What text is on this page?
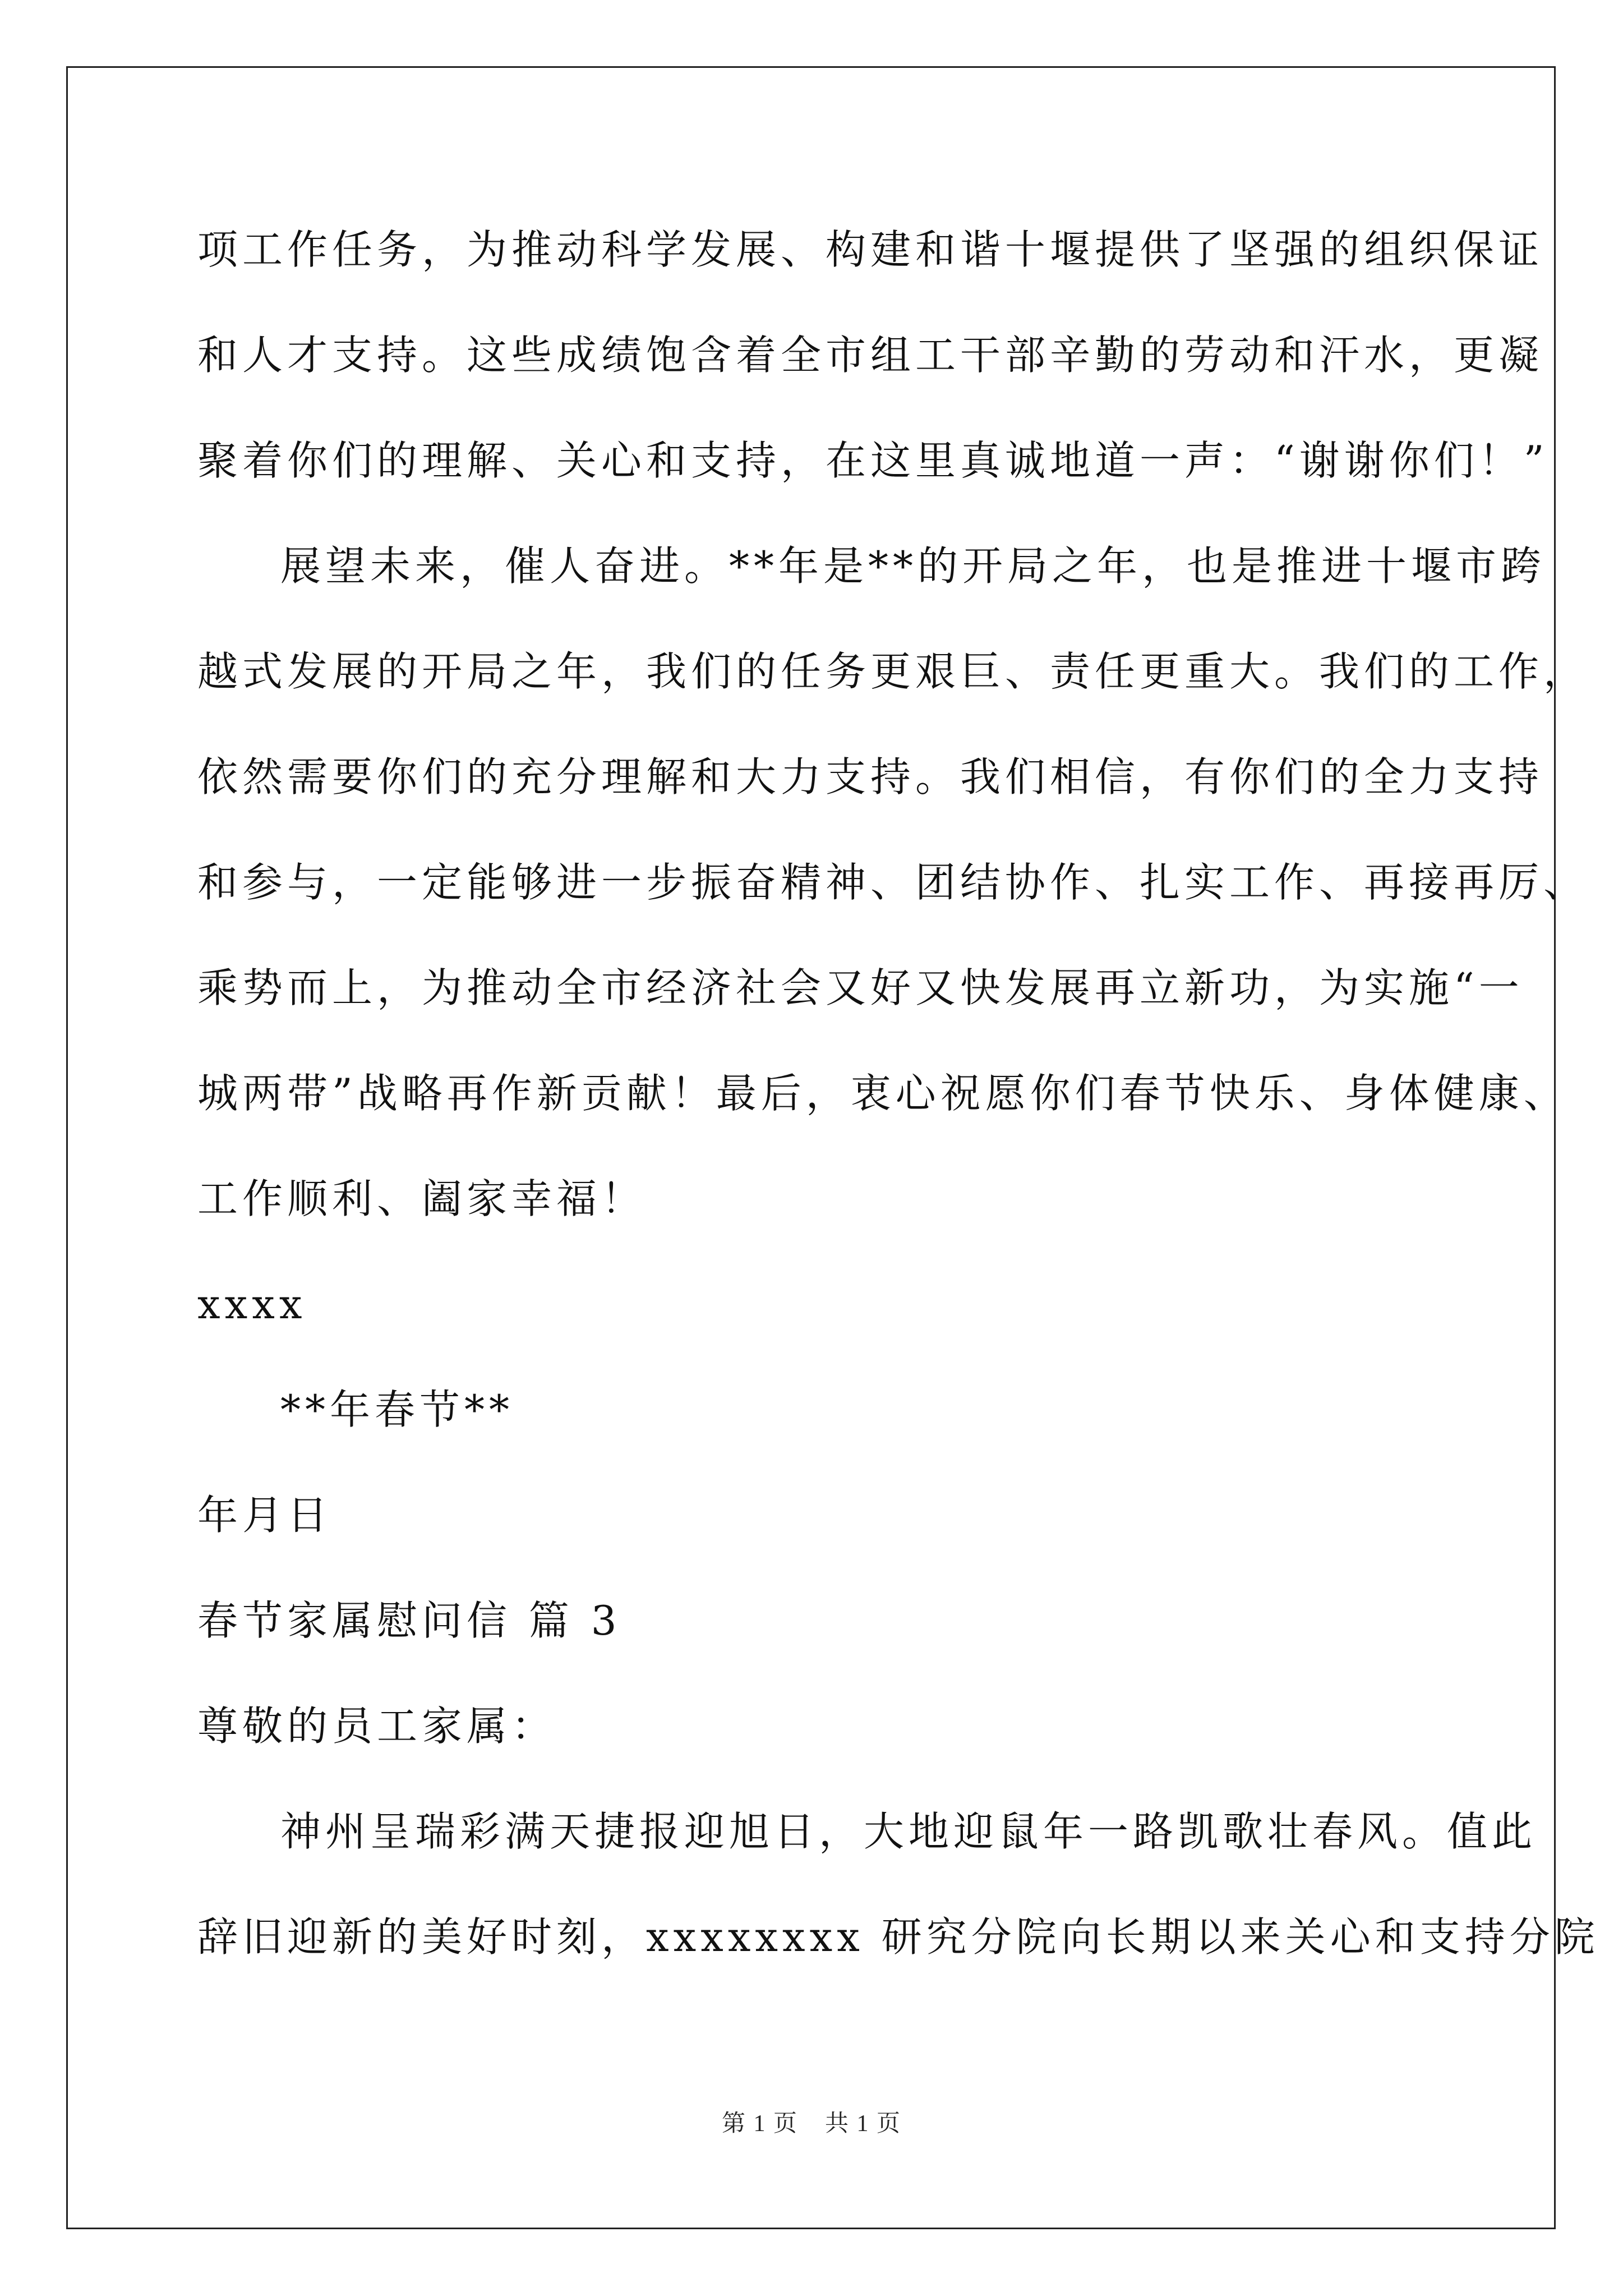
项工作任务，为推动科学发展、构建和谐十堰提供了坚强的组织保证
和人才支持。这些成绩饱含着全市组工干部辛勤的劳动和汗水，更凝
聚着你们的理解、关心和支持，在这里真诚地道一声：“谢谢你们！”
展望未来，催人奋进。**年是**的开局之年，也是推进十堰市跨
越式发展的开局之年，我们的任务更艰巨、责任更重大。我们的工作，
依然需要你们的充分理解和大力支持。我们相信，有你们的全力支持
和参与，一定能够进一步振奋精神、团结协作、扎实工作、再接再厉、
乘势而上，为推动全市经济社会又好又快发展再立新功，为实施“一
城两带”战略再作新贡献！最后，衷心祝愿你们春节快乐、身体健康、
工作顺利、阖家幸福！
xxxx
**年春节**
年月日
春节家属慰问信 篇 3
尊敬的员工家属：
神州呈瑞彩满天捷报迎旭日，大地迎鼠年一路凯歌壮春风。值此
辞旧迎新的美好时刻，xxxxxxxx 研究分院向长期以来关心和支持分院
第 1 页 共 1 页
